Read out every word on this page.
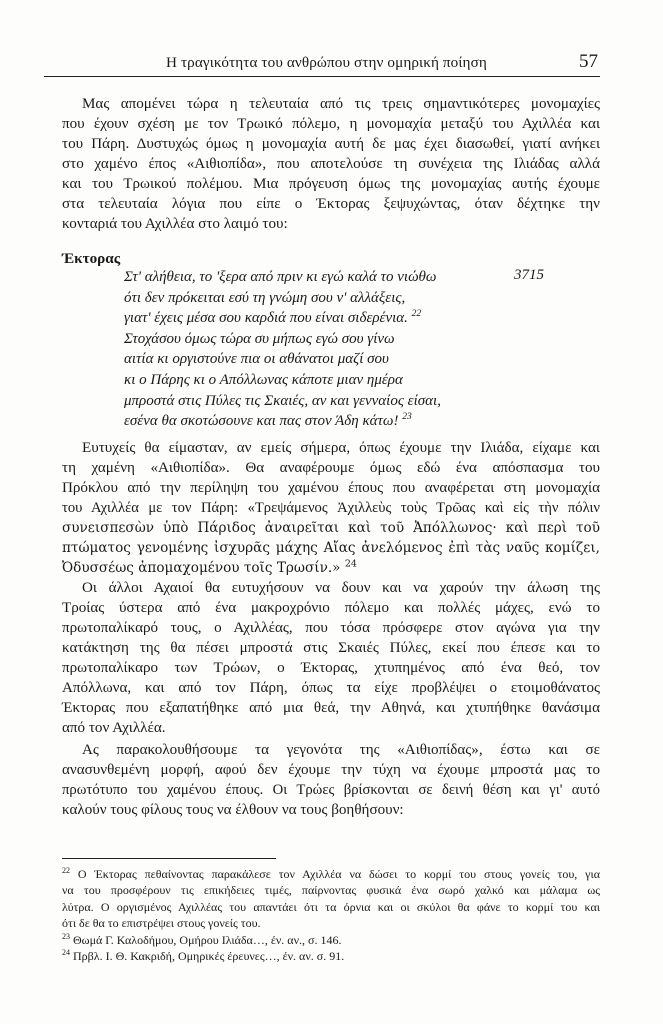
Η τραγικότητα του ανθρώπου στην ομηρική ποίηση	57
Μας απομένει τώρα η τελευταία από τις τρεις σημαντικότερες μονομαχίες
που έχουν σχέση με τον Τρωικό πόλεμο, η μονομαχία μεταξύ του Αχιλλέα και
του Πάρη. Δυστυχώς όμως η μονομαχία αυτή δε μας έχει διασωθεί, γιατί ανήκει
στο χαμένο έπος «Αιθιοπίδα», που αποτελούσε τη συνέχεια της Ιλιάδας αλλά
και του Τρωικού πολέμου. Μια πρόγευση όμως της μονομαχίας αυτής έχουμε
στα τελευταία λόγια που είπε ο Έκτορας ξεψυχώντας, όταν δέχτηκε την
κονταριά του Αχιλλέα στο λαιμό του:
Έκτορας
3715
Στ' αλήθεια, το 'ξερα από πριν κι εγώ καλά το νιώθω
ότι δεν πρόκειται εσύ τη γνώμη σου ν' αλλάξεις,
γιατ' έχεις μέσα σου καρδιά που είναι σιδερένια. $^{22}$
Στοχάσου όμως τώρα συ μήπως εγώ σου γίνω
αιτία κι οργιστούνε πια οι αθάνατοι μαζί σου
κι ο Πάρης κι ο Απόλλωνας κάποτε μιαν ημέρα
μπροστά στις Πύλες τις Σκαιές, αν και γενναίος είσαι,
εσένα θα σκοτώσουνε και πας στον Άδη κάτω! $^{23}$
Ευτυχείς θα είμασταν, αν εμείς σήμερα, όπως έχουμε την Ιλιάδα, είχαμε και
τη χαμένη «Αιθιοπίδα». Θα αναφέρουμε όμως εδώ ένα απόσπασμα του
Πρόκλου από την περίληψη του χαμένου έπους που αναφέρεται στη μονομαχία
του Αχιλλέα με τον Πάρη: «Τρεψάμενος Ἀχιλλεὺς τοὺς Τρῶας καὶ εἰς τὴν πόλιν
συνεισπεσὼν ὑπὸ Πάριδος ἀναιρεῖται καὶ τοῦ Ἀπόλλωνος· καὶ περὶ τοῦ
πτώματος γενομένης ἰσχυρᾶς μάχης Αἴας ἀνελόμενος ἐπὶ τὰς ναῦς κομίζει,
Ὀδυσσέως ἀπομαχομένου τοῖς Τρωσίν.» $^{24}$
Οι άλλοι Αχαιοί θα ευτυχήσουν να δουν και να χαρούν την άλωση της
Τροίας ύστερα από ένα μακροχρόνιο πόλεμο και πολλές μάχες, ενώ το
πρωτοπαλίκαρό τους, ο Αχιλλέας, που τόσα πρόσφερε στον αγώνα για την
κατάκτηση της θα πέσει μπροστά στις Σκαιές Πύλες, εκεί που έπεσε και το
πρωτοπαλίκαρο των Τρώων, ο Έκτορας, χτυπημένος από ένα θεό, τον
Απόλλωνα, και από τον Πάρη, όπως τα είχε προβλέψει ο ετοιμοθάνατος
Έκτορας που εξαπατήθηκε από μια θεά, την Αθηνά, και χτυπήθηκε θανάσιμα
από τον Αχιλλέα.
Ας παρακολουθήσουμε τα γεγονότα της «Αιθιοπίδας», έστω και σε
ανασυνθεμένη μορφή, αφού δεν έχουμε την τύχη να έχουμε μπροστά μας το
πρωτότυπο του χαμένου έπους. Οι Τρώες βρίσκονται σε δεινή θέση και γι' αυτό
καλούν τους φίλους τους να έλθουν να τους βοηθήσουν:
$^{22}$ Ο Έκτορας πεθαίνοντας παρακάλεσε τον Αχιλλέα να δώσει το κορμί του στους γονείς του, για
να του προσφέρουν τις επικήδειες τιμές, παίρνοντας φυσικά ένα σωρό χαλκό και μάλαμα ως
λύτρα. Ο οργισμένος Αχιλλέας του απαντάει ότι τα όρνια και οι σκύλοι θα φάνε το κορμί του και
ότι δε θα το επιστρέψει στους γονείς του.
$^{23}$ Θωμά Γ. Καλοδήμου, Ομήρου Ιλιάδα…, έν. αν., σ. 146.
$^{24}$ Πρβλ. Ι. Θ. Κακριδή, Ομηρικές έρευνες…, έν. αν. σ. 91.
